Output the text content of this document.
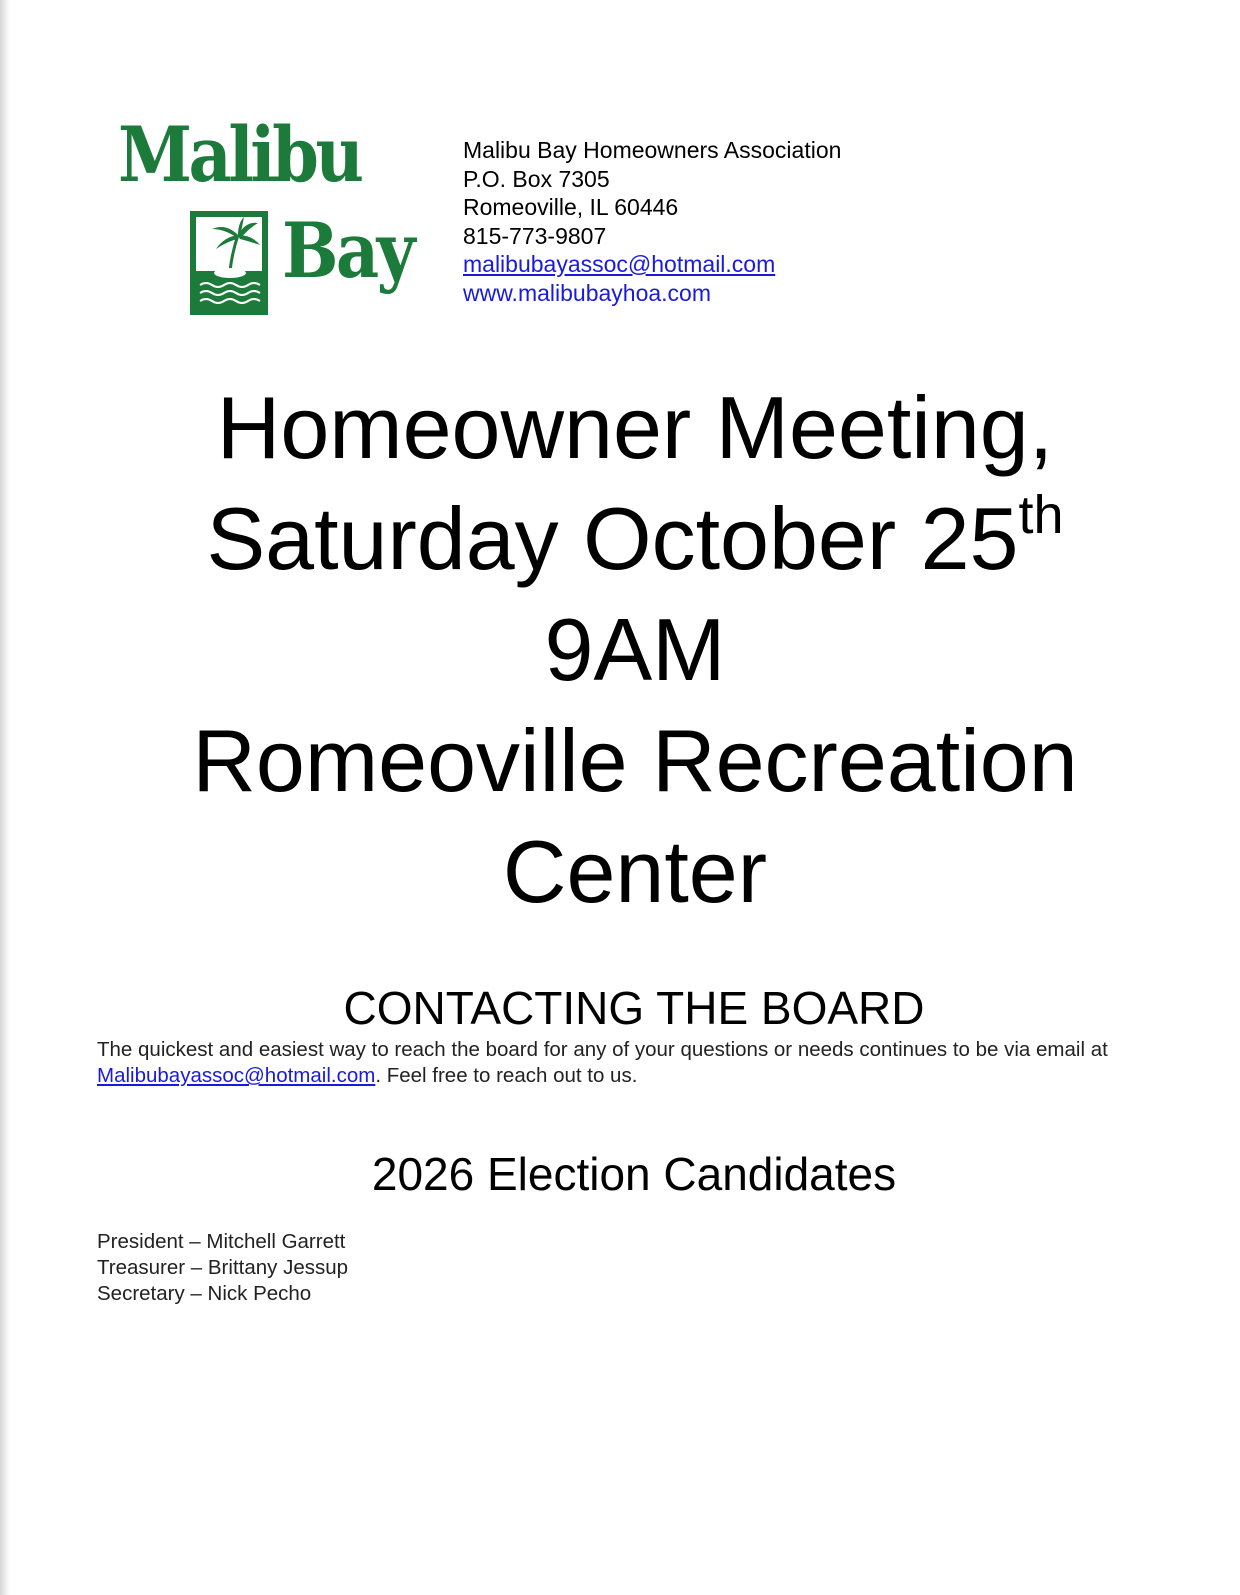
Malibu
Bay
Malibu Bay Homeowners Association
P.O. Box 7305
Romeoville, IL 60446
815-773-9807
malibubayassoc@hotmail.com
www.malibubayhoa.com
Homeowner Meeting,
Saturday October 25th
9AM
Romeoville Recreation
Center
CONTACTING THE BOARD

The quickest and easiest way to reach the board for any of your questions or needs continues to be via email at Malibubayassoc@hotmail.com. Feel free to reach out to us.

2026 Election Candidates
President – Mitchell Garrett
Treasurer – Brittany Jessup
Secretary – Nick Pecho
